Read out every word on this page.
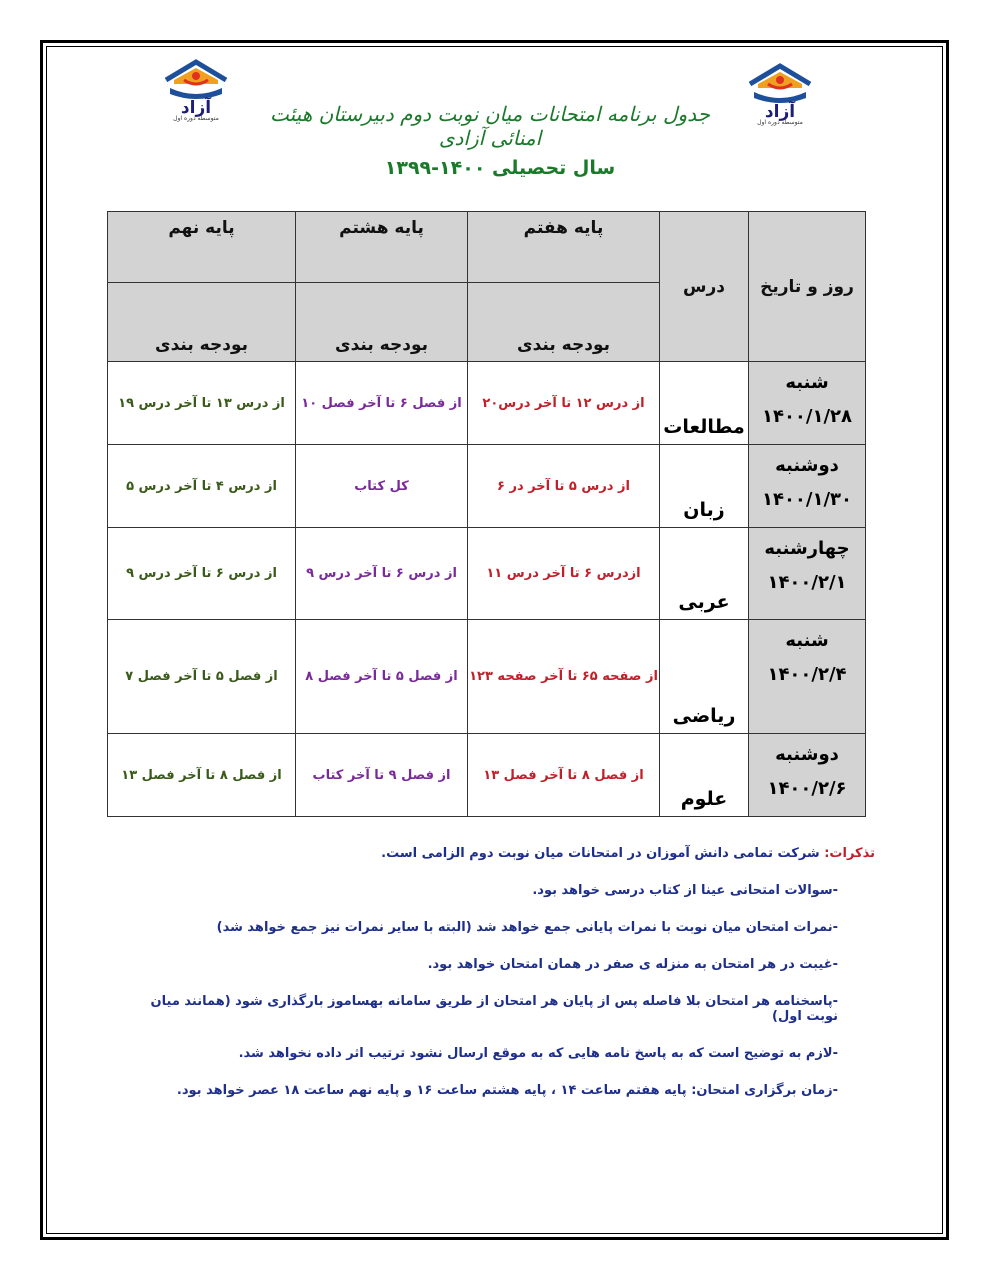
آزاد
متوسطه دوره اول	آزاد
متوسطه دوره اول
جدول برنامه امتحانات میان نوبت دوم دبیرستان هیئت امنائی آزادی
سال تحصیلی ۱۴۰۰-۱۳۹۹
روز و تاریخ	درس	پایه هفتم	پایه هشتم	پایه نهم
		بودجه بندی	بودجه بندی	بودجه بندی

شنبه
۱۴۰۰/۱/۲۸	مطالعات	از درس ۱۲ تا آخر درس۲۰	از فصل ۶ تا آخر فصل ۱۰	از درس ۱۳ تا آخر درس ۱۹

دوشنبه
۱۴۰۰/۱/۳۰	زبان	از درس ۵ تا آخر در ۶	کل کتاب	از درس ۴ تا آخر درس ۵

چهارشنبه
۱۴۰۰/۲/۱	عربی	ازدرس ۶ تا آخر درس ۱۱	از درس ۶ تا آخر درس ۹	از درس ۶ تا آخر درس ۹

شنبه
۱۴۰۰/۲/۴	ریاضی	از صفحه ۶۵ تا آخر صفحه ۱۲۳	از فصل ۵ تا آخر فصل ۸	از فصل ۵ تا آخر فصل ۷

دوشنبه
۱۴۰۰/۲/۶	علوم	از فصل ۸ تا آخر فصل ۱۳	از فصل ۹ تا آخر کتاب	از فصل ۸ تا آخر فصل ۱۳
تذکرات: شرکت تمامی دانش آموزان در امتحانات میان نوبت دوم الزامی است.
-سوالات امتحانی عینا از کتاب درسی خواهد بود.
-نمرات امتحان میان نوبت با نمرات پایانی جمع خواهد شد (البته با سایر نمرات نیز جمع خواهد شد)
-غیبت در هر امتحان به منزله ی صفر در همان امتحان خواهد بود.
-پاسخنامه هر امتحان بلا فاصله پس از پایان هر امتحان از طریق سامانه بهساموز بارگذاری شود (همانند میان نوبت اول)
-لازم به توضیح است که به پاسخ نامه هایی که به موقع ارسال نشود ترتیب اثر داده نخواهد شد.
-زمان برگزاری امتحان: پایه هفتم ساعت ۱۴ ، پایه هشتم ساعت ۱۶ و پایه نهم ساعت ۱۸ عصر خواهد بود.
